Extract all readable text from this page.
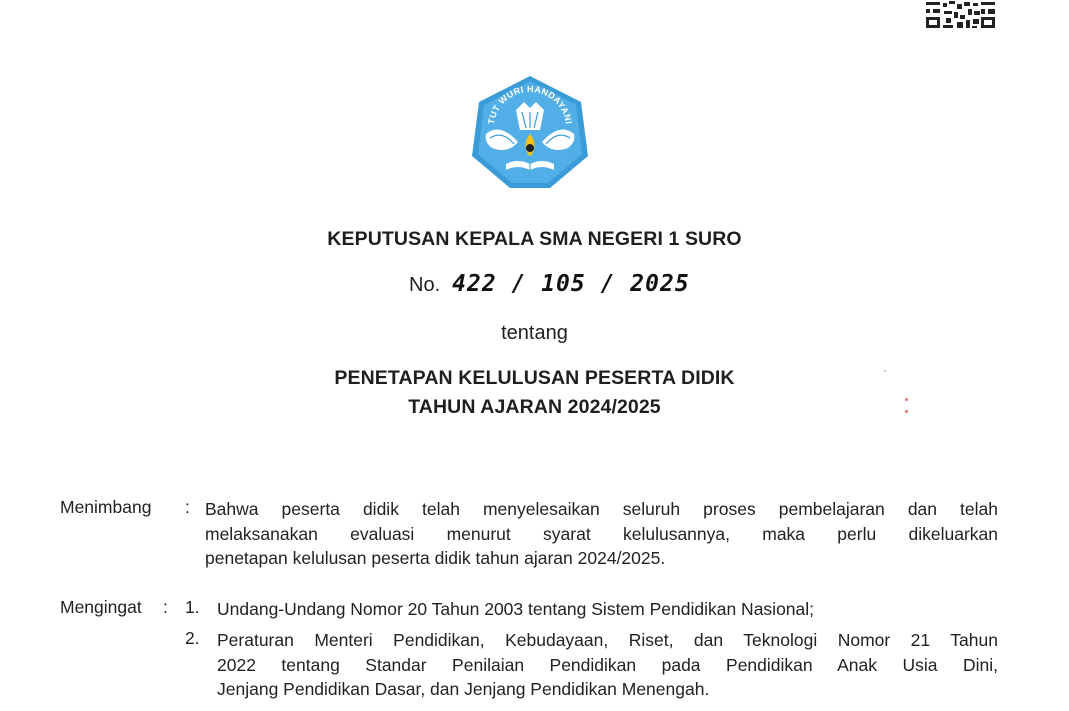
TUT WURI HANDAYANI
KEPUTUSAN KEPALA SMA NEGERI 1 SURO
No. 422 / 105 / 2025
tentang
PENETAPAN KELULUSAN PESERTA DIDIK
TAHUN AJARAN 2024/2025
Menimbang : Bahwa peserta didik telah menyelesaikan seluruh proses pembelajaran dan telah
melaksanakan evaluasi menurut syarat kelulusannya, maka perlu dikeluarkan
penetapan kelulusan peserta didik tahun ajaran 2024/2025.
Mengingat : 1. Undang-Undang Nomor 20 Tahun 2003 tentang Sistem Pendidikan Nasional;
2. Peraturan Menteri Pendidikan, Kebudayaan, Riset, dan Teknologi Nomor 21 Tahun
2022 tentang Standar Penilaian Pendidikan pada Pendidikan Anak Usia Dini,
Jenjang Pendidikan Dasar, dan Jenjang Pendidikan Menengah.
